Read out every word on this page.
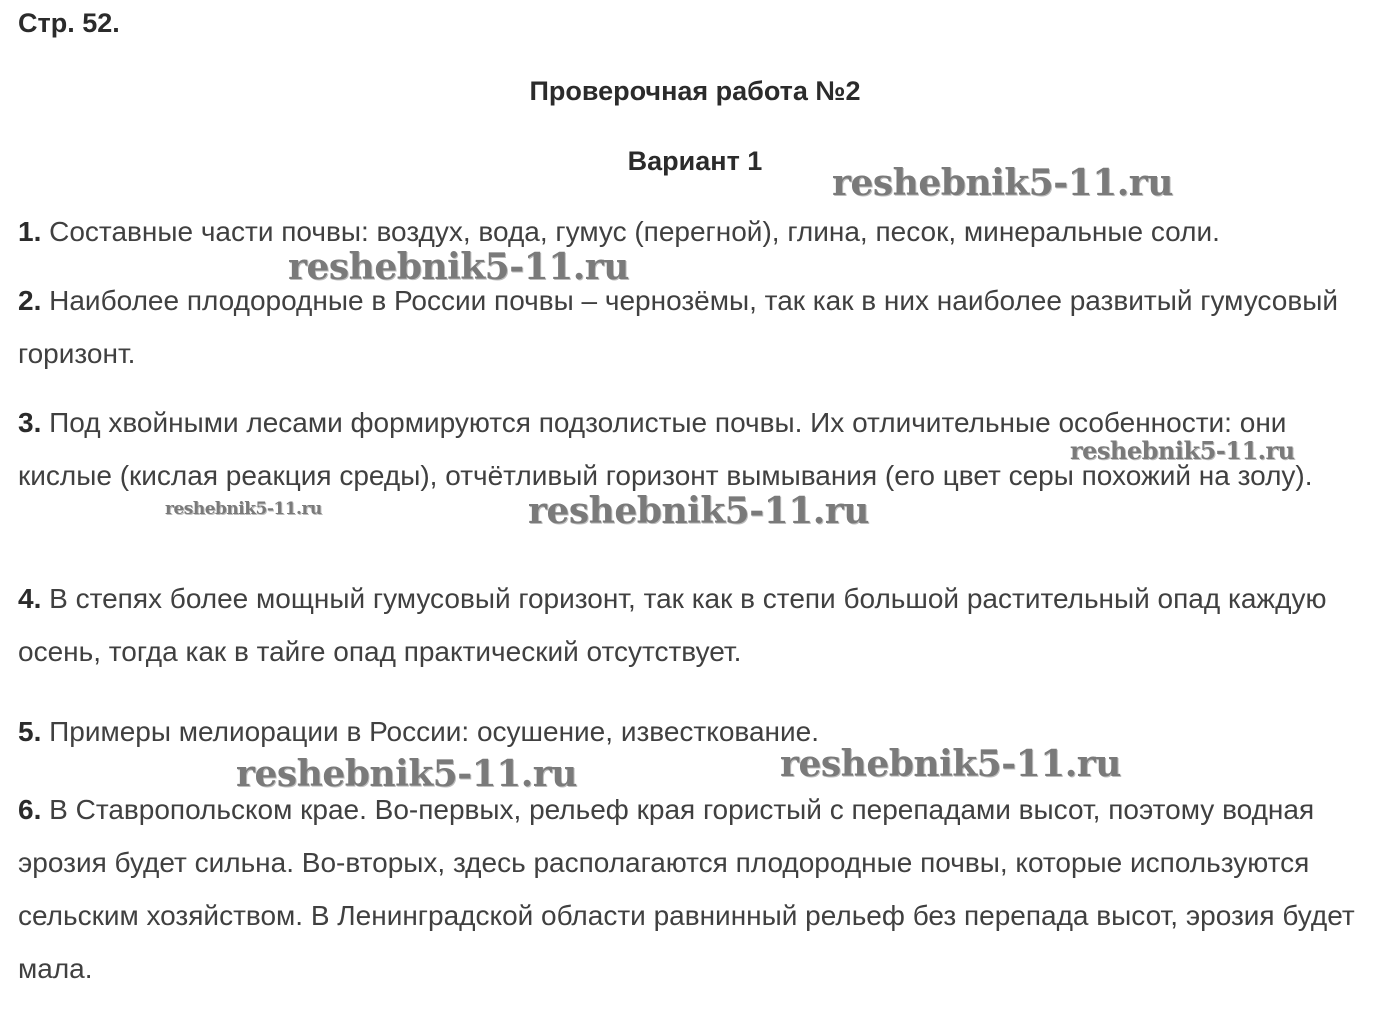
Стр. 52.

Проверочная работа №2

Вариант 1

1. Составные части почвы: воздух, вода, гумус (перегной), глина, песок, минеральные соли.

2. Наиболее плодородные в России почвы – чернозёмы, так как в них наиболее развитый гумусовый горизонт.

3. Под хвойными лесами формируются подзолистые почвы. Их отличительные особенности: они кислые (кислая реакция среды), отчётливый горизонт вымывания (его цвет серы похожий на золу).

4. В степях более мощный гумусовый горизонт, так как в степи большой растительный опад каждую осень, тогда как в тайге опад практический отсутствует.

5. Примеры мелиорации в России: осушение, известкование.

6. В Ставропольском крае. Во-первых, рельеф края гористый с перепадами высот, поэтому водная эрозия будет сильна. Во-вторых, здесь располагаются плодородные почвы, которые используются сельским хозяйством. В Ленинградской области равнинный рельеф без перепада высот, эрозия будет мала.

reshebnik5-11.ru

reshebnik5-11.ru

reshebnik5-11.ru

reshebnik5-11.ru	reshebnik5-11.ru

reshebnik5-11.ru	reshebnik5-11.ru
